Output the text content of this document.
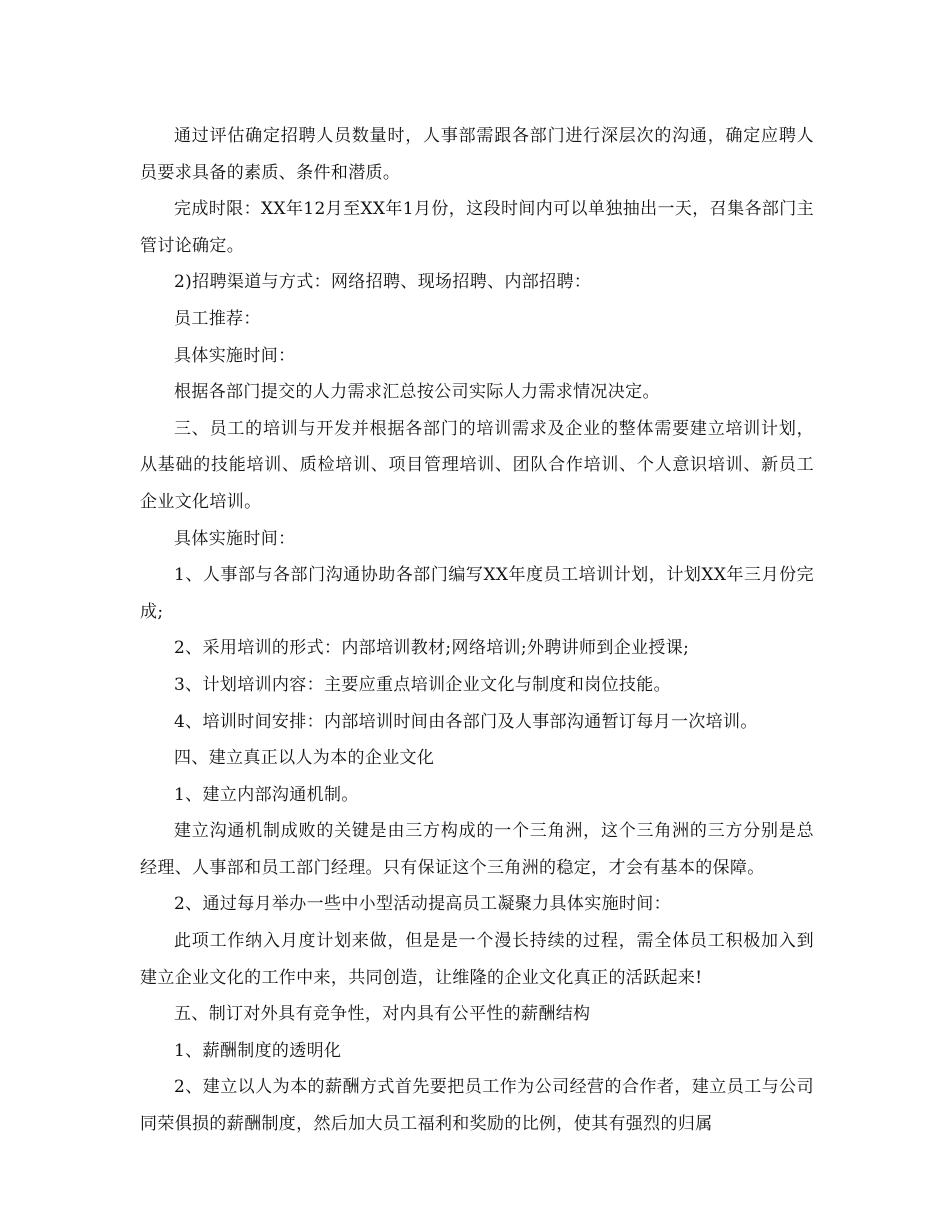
通过评估确定招聘人员数量时，人事部需跟各部门进行深层次的沟通，确定应聘人员要求具备的素质、条件和潜质。

完成时限：XX年12月至XX年1月份，这段时间内可以单独抽出一天，召集各部门主管讨论确定。

2)招聘渠道与方式：网络招聘、现场招聘、内部招聘：

员工推荐：

具体实施时间：

根据各部门提交的人力需求汇总按公司实际人力需求情况决定。

三、员工的培训与开发并根据各部门的培训需求及企业的整体需要建立培训计划，从基础的技能培训、质检培训、项目管理培训、团队合作培训、个人意识培训、新员工企业文化培训。

具体实施时间：

1、人事部与各部门沟通协助各部门编写XX年度员工培训计划，计划XX年三月份完成;

2、采用培训的形式：内部培训教材;网络培训;外聘讲师到企业授课;

3、计划培训内容：主要应重点培训企业文化与制度和岗位技能。

4、培训时间安排：内部培训时间由各部门及人事部沟通暂订每月一次培训。

四、建立真正以人为本的企业文化

1、建立内部沟通机制。

建立沟通机制成败的关键是由三方构成的一个三角洲，这个三角洲的三方分别是总经理、人事部和员工部门经理。只有保证这个三角洲的稳定，才会有基本的保障。

2、通过每月举办一些中小型活动提高员工凝聚力具体实施时间：

此项工作纳入月度计划来做，但是是一个漫长持续的过程，需全体员工积极加入到建立企业文化的工作中来，共同创造，让维隆的企业文化真正的活跃起来!

五、制订对外具有竞争性，对内具有公平性的薪酬结构

1、薪酬制度的透明化

2、建立以人为本的薪酬方式首先要把员工作为公司经营的合作者，建立员工与公司同荣俱损的薪酬制度，然后加大员工福利和奖励的比例，使其有强烈的归属
